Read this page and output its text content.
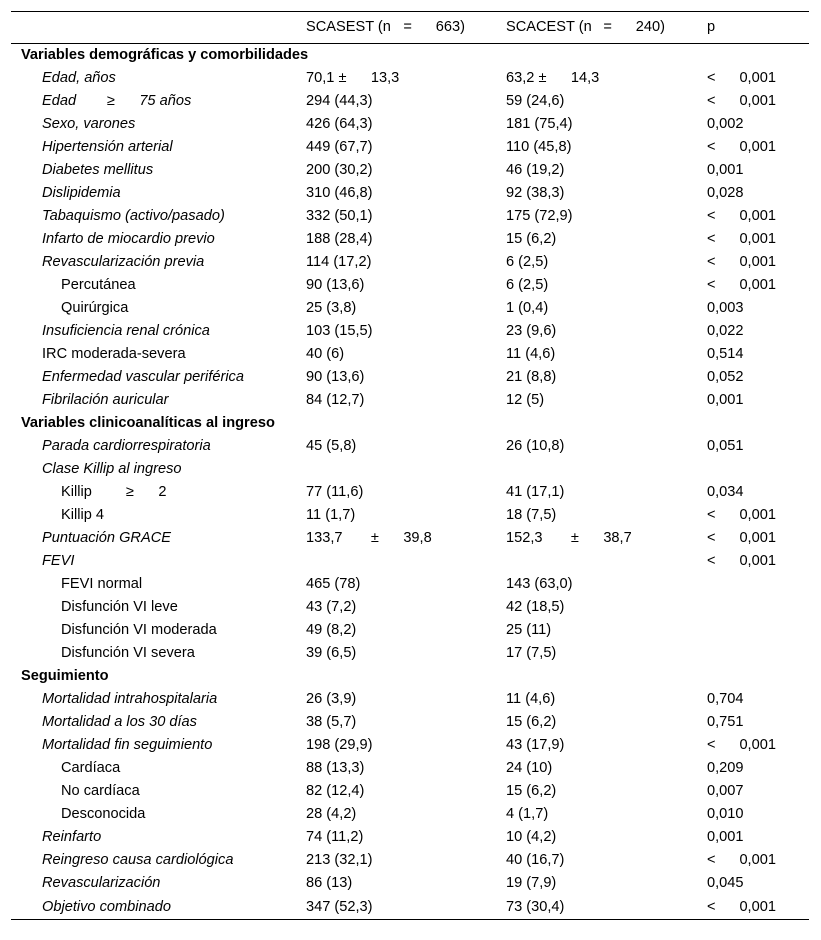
	SCASEST (n	=	663)	SCACEST (n	=	240)	p
Variables demográficas y comorbilidades			
Edad, años	70,1	±	13,3	63,2	±	14,3	<	0,001
Edad	≥	75 años	294 (44,3)	59 (24,6)	<	0,001
Sexo, varones	426 (64,3)	181 (75,4)	0,002
Hipertensión arterial	449 (67,7)	110 (45,8)	<	0,001
Diabetes mellitus	200 (30,2)	46 (19,2)	0,001
Dislipidemia	310 (46,8)	92 (38,3)	0,028
Tabaquismo (activo/pasado)	332 (50,1)	175 (72,9)	<	0,001
Infarto de miocardio previo	188 (28,4)	15 (6,2)	<	0,001
Revascularización previa	114 (17,2)	6 (2,5)	<	0,001
Percutánea	90 (13,6)	6 (2,5)	<	0,001
Quirúrgica	25 (3,8)	1 (0,4)	0,003
Insuficiencia renal crónica	103 (15,5)	23 (9,6)	0,022
IRC moderada-severa	40 (6)	11 (4,6)	0,514
Enfermedad vascular periférica	90 (13,6)	21 (8,8)	0,052
Fibrilación auricular	84 (12,7)	12 (5)	0,001
Variables clinicoanalíticas al ingreso			
Parada cardiorrespiratoria	45 (5,8)	26 (10,8)	0,051
Clase Killip al ingreso			
Killip	≥	2	77 (11,6)	41 (17,1)	0,034
Killip 4	11 (1,7)	18 (7,5)	<	0,001
Puntuación GRACE	133,7	±	39,8	152,3	±	38,7	<	0,001
FEVI			<	0,001
FEVI normal	465 (78)	143 (63,0)	
Disfunción VI leve	43 (7,2)	42 (18,5)	
Disfunción VI moderada	49 (8,2)	25 (11)	
Disfunción VI severa	39 (6,5)	17 (7,5)	
Seguimiento			
Mortalidad intrahospitalaria	26 (3,9)	11 (4,6)	0,704
Mortalidad a los 30 días	38 (5,7)	15 (6,2)	0,751
Mortalidad fin seguimiento	198 (29,9)	43 (17,9)	<	0,001
Cardíaca	88 (13,3)	24 (10)	0,209
No cardíaca	82 (12,4)	15 (6,2)	0,007
Desconocida	28 (4,2)	4 (1,7)	0,010
Reinfarto	74 (11,2)	10 (4,2)	0,001
Reingreso causa cardiológica	213 (32,1)	40 (16,7)	<	0,001
Revascularización	86 (13)	19 (7,9)	0,045
Objetivo combinado	347 (52,3)	73 (30,4)	<	0,001
